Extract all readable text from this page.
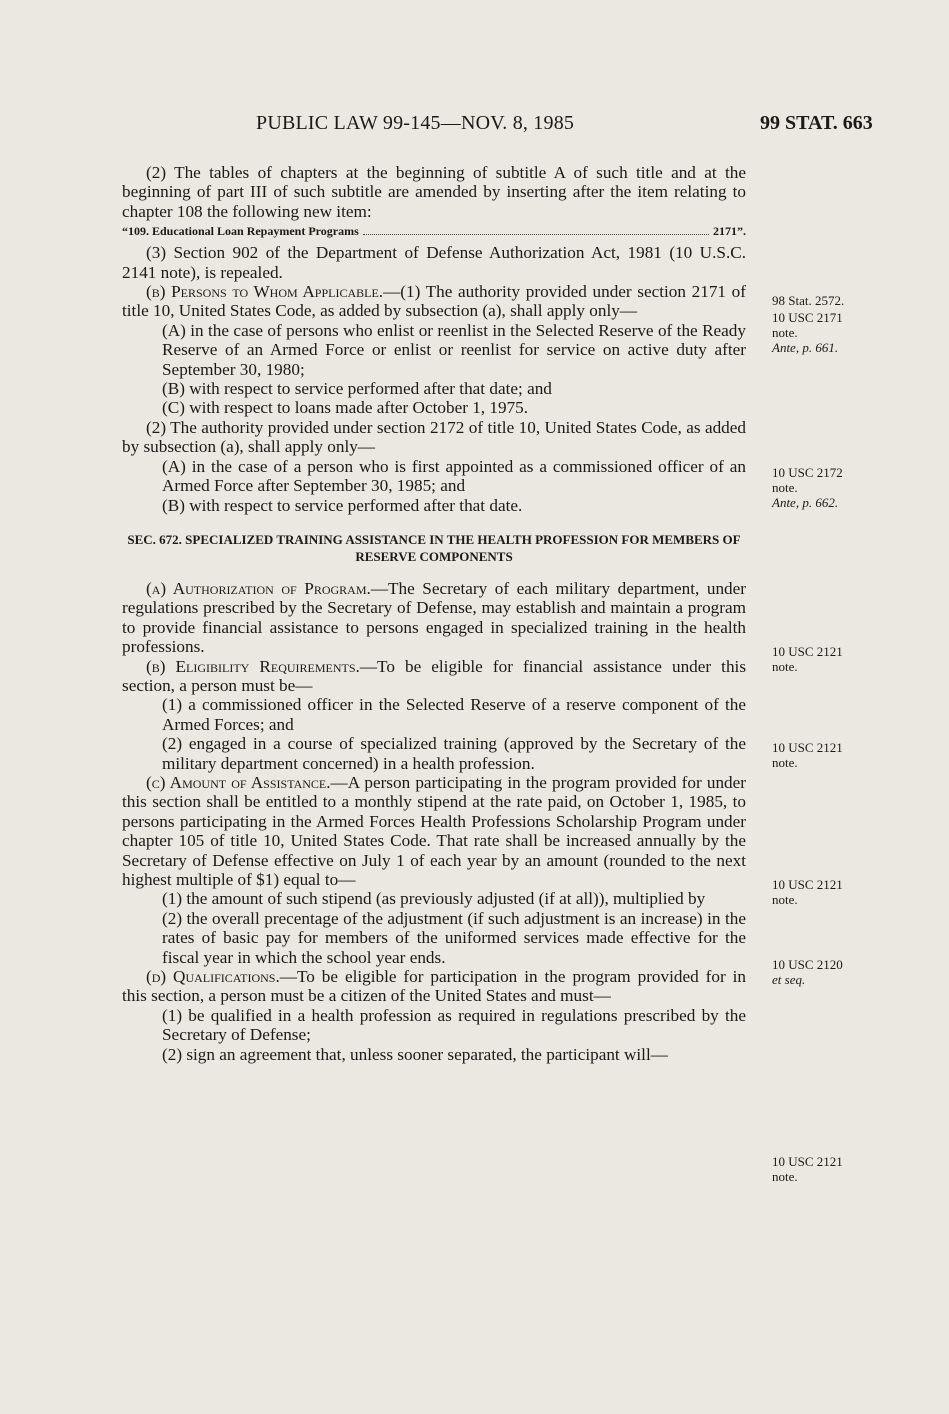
PUBLIC LAW 99-145—NOV. 8, 1985	99 STAT. 663

(2) The tables of chapters at the beginning of subtitle A of such title and at the beginning of part III of such subtitle are amended by inserting after the item relating to chapter 108 the following new item:

“109. Educational Loan Repayment Programs	2171”.

(3) Section 902 of the Department of Defense Authorization Act, 1981 (10 U.S.C. 2141 note), is repealed.

(b) Persons to Whom Applicable.—(1) The authority provided under section 2171 of title 10, United States Code, as added by subsection (a), shall apply only—

(A) in the case of persons who enlist or reenlist in the Selected Reserve of the Ready Reserve of an Armed Force or enlist or reenlist for service on active duty after September 30, 1980;

(B) with respect to service performed after that date; and

(C) with respect to loans made after October 1, 1975.

(2) The authority provided under section 2172 of title 10, United States Code, as added by subsection (a), shall apply only—

(A) in the case of a person who is first appointed as a commissioned officer of an Armed Force after September 30, 1985; and

(B) with respect to service performed after that date.

SEC. 672. SPECIALIZED TRAINING ASSISTANCE IN THE HEALTH PROFESSION FOR MEMBERS OF RESERVE COMPONENTS

(a) Authorization of Program.—The Secretary of each military department, under regulations prescribed by the Secretary of Defense, may establish and maintain a program to provide financial assistance to persons engaged in specialized training in the health professions.

(b) Eligibility Requirements.—To be eligible for financial assistance under this section, a person must be—

(1) a commissioned officer in the Selected Reserve of a reserve component of the Armed Forces; and

(2) engaged in a course of specialized training (approved by the Secretary of the military department concerned) in a health profession.

(c) Amount of Assistance.—A person participating in the program provided for under this section shall be entitled to a monthly stipend at the rate paid, on October 1, 1985, to persons participating in the Armed Forces Health Professions Scholarship Program under chapter 105 of title 10, United States Code. That rate shall be increased annually by the Secretary of Defense effective on July 1 of each year by an amount (rounded to the next highest multiple of $1) equal to—

(1) the amount of such stipend (as previously adjusted (if at all)), multiplied by

(2) the overall precentage of the adjustment (if such adjustment is an increase) in the rates of basic pay for members of the uniformed services made effective for the fiscal year in which the school year ends.

(d) Qualifications.—To be eligible for participation in the program provided for in this section, a person must be a citizen of the United States and must—

(1) be qualified in a health profession as required in regulations prescribed by the Secretary of Defense;

(2) sign an agreement that, unless sooner separated, the participant will—

98 Stat. 2572.
10 USC 2171
note.
Ante, p. 661.
10 USC 2172
note.
Ante, p. 662.
10 USC 2121
note.
10 USC 2121
note.
10 USC 2121
note.
10 USC 2120
et seq.
10 USC 2121
note.
